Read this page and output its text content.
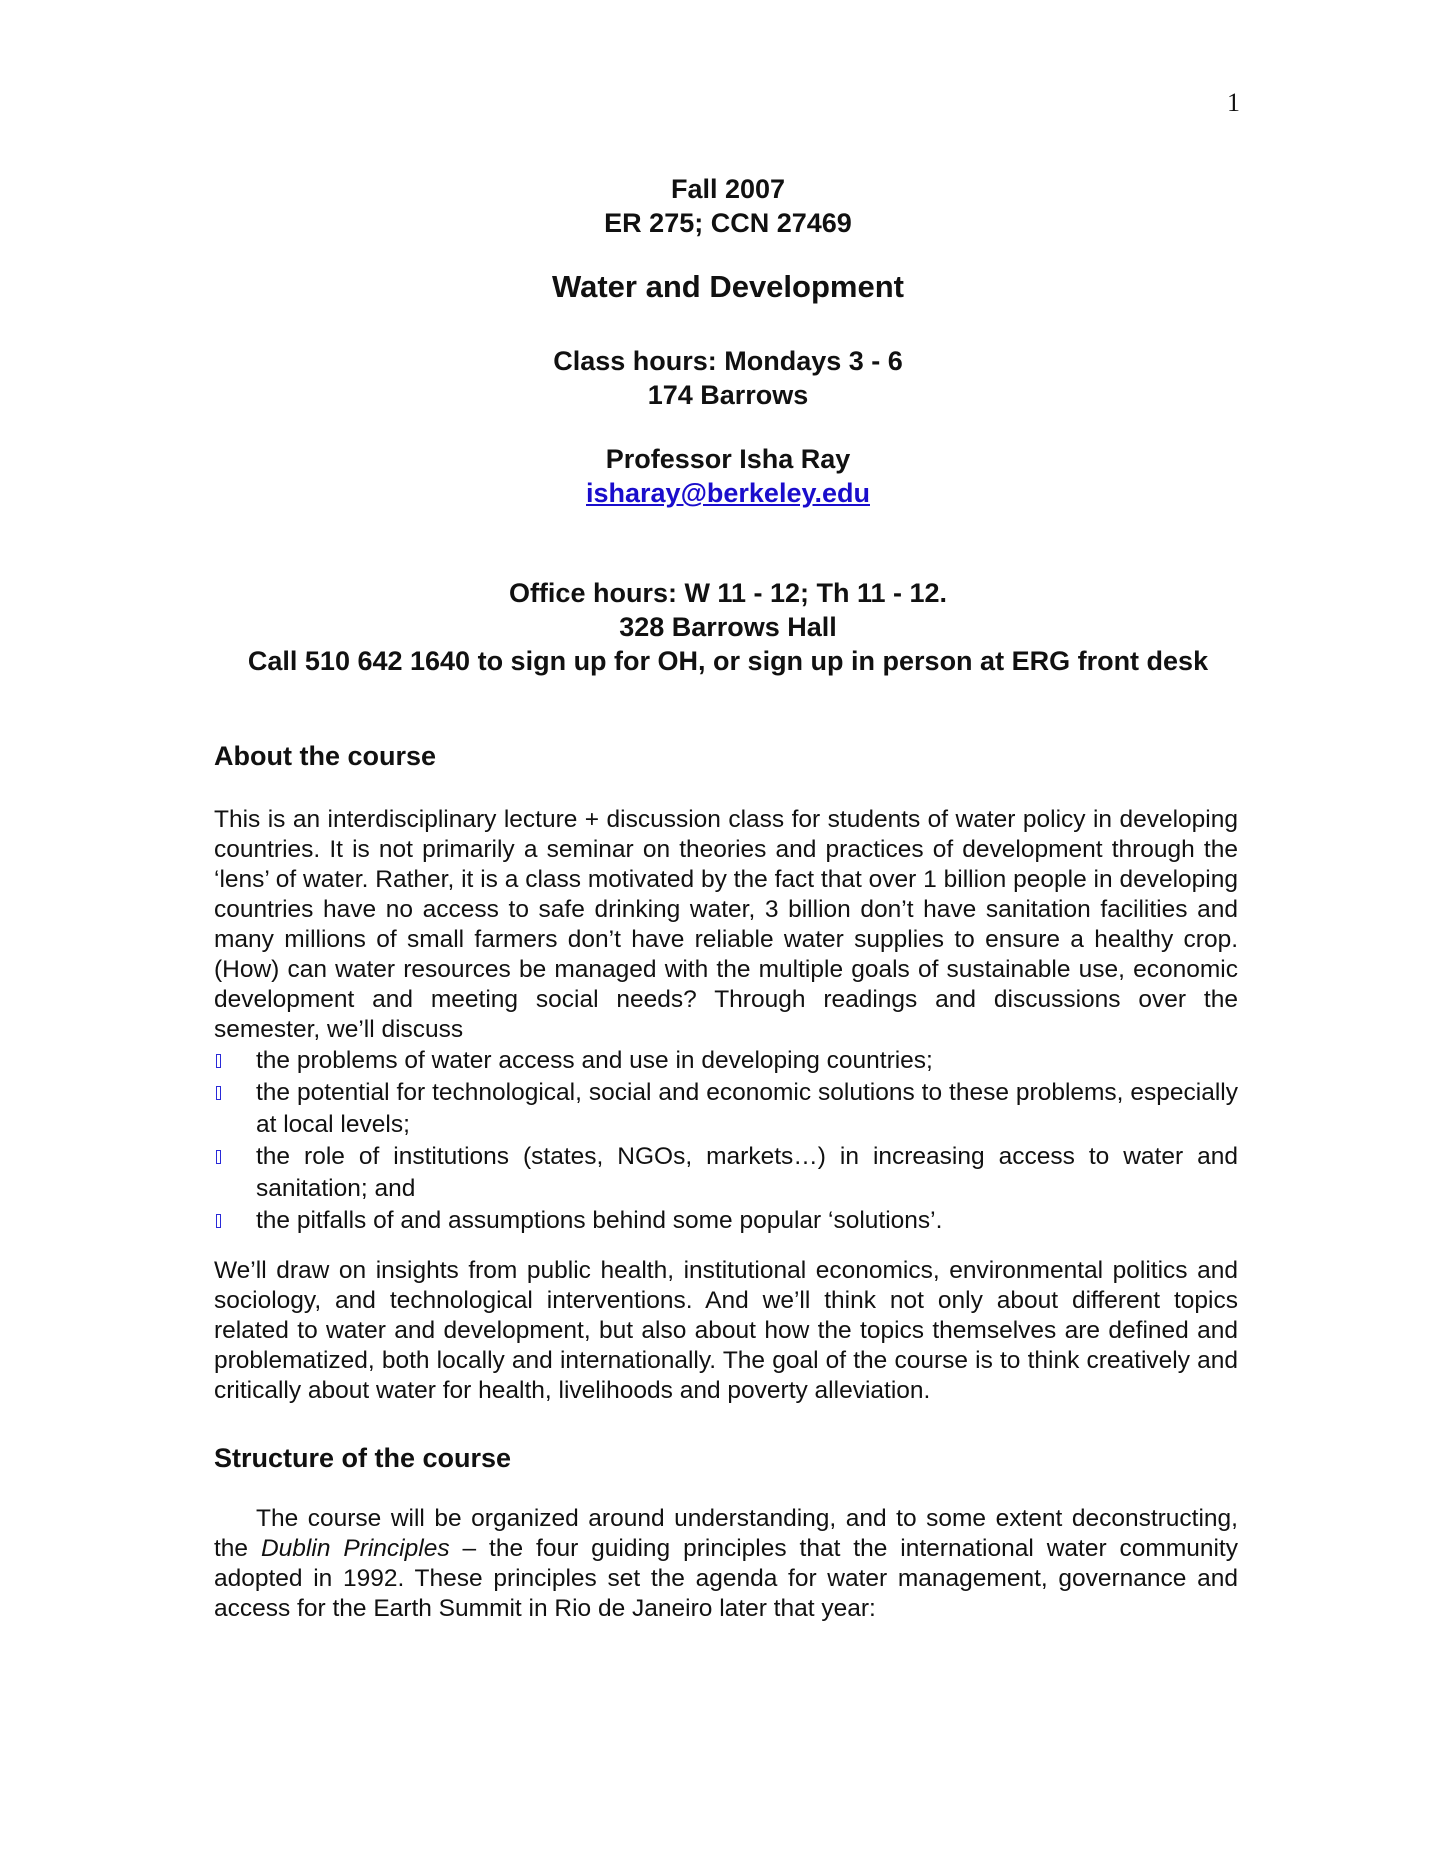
1
Fall 2007
ER 275; CCN 27469
Water and Development
Class hours: Mondays 3 - 6
174 Barrows
Professor Isha Ray
isharay@berkeley.edu
Office hours: W 11 - 12; Th 11 - 12.
328 Barrows Hall
Call 510 642 1640 to sign up for OH, or sign up in person at ERG front desk
About the course

This is an interdisciplinary lecture + discussion class for students of water policy in developing countries. It is not primarily a seminar on theories and practices of development through the ‘lens’ of water. Rather, it is a class motivated by the fact that over 1 billion people in developing countries have no access to safe drinking water, 3 billion don’t have sanitation facilities and many millions of small farmers don’t have reliable water supplies to ensure a healthy crop. (How) can water resources be managed with the multiple goals of sustainable use, economic development and meeting social needs? Through readings and discussions over the semester, we’ll discuss

the problems of water access and use in developing countries;
the potential for technological, social and economic solutions to these problems, especially at local levels;
the role of institutions (states, NGOs, markets…) in increasing access to water and sanitation; and
the pitfalls of and assumptions behind some popular ‘solutions’.

We’ll draw on insights from public health, institutional economics, environmental politics and sociology, and technological interventions. And we’ll think not only about different topics related to water and development, but also about how the topics themselves are defined and problematized, both locally and internationally. The goal of the course is to think creatively and critically about water for health, livelihoods and poverty alleviation.

Structure of the course

The course will be organized around understanding, and to some extent deconstructing, the Dublin Principles – the four guiding principles that the international water community adopted in 1992. These principles set the agenda for water management, governance and access for the Earth Summit in Rio de Janeiro later that year:
